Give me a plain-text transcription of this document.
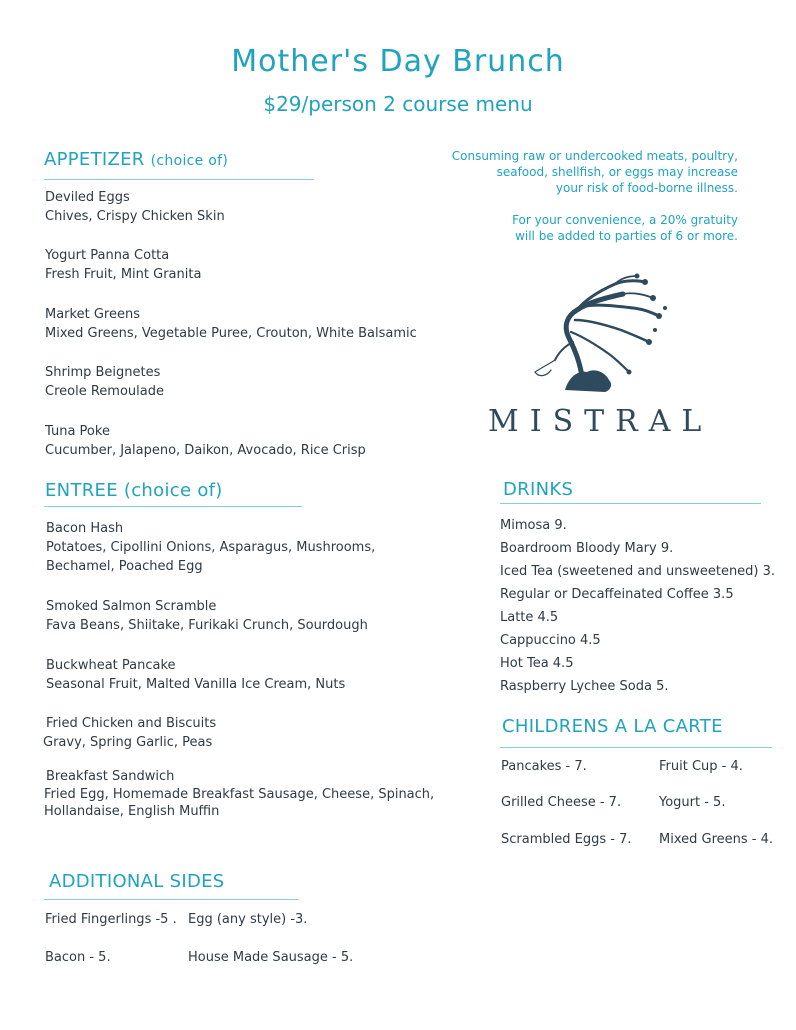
Mother's Day Brunch
$29/person 2 course menu
APPETIZER (choice of)
Deviled Eggs
Chives, Crispy Chicken Skin
Yogurt Panna Cotta
Fresh Fruit, Mint Granita
Market Greens
Mixed Greens, Vegetable Puree, Crouton, White Balsamic
Shrimp Beignetes
Creole Remoulade
Tuna Poke
Cucumber, Jalapeno, Daikon, Avocado, Rice Crisp
ENTREE (choice of)
Bacon Hash
Potatoes, Cipollini Onions, Asparagus, Mushrooms,
Bechamel, Poached Egg
Smoked Salmon Scramble
Fava Beans, Shiitake, Furikaki Crunch, Sourdough
Buckwheat Pancake
Seasonal Fruit, Malted Vanilla Ice Cream, Nuts
Fried Chicken and Biscuits
Gravy, Spring Garlic, Peas
Breakfast Sandwich
Fried Egg, Homemade Breakfast Sausage, Cheese, Spinach,
Hollandaise, English Muffin
ADDITIONAL SIDES
Fried Fingerlings -5 . Egg (any style) -3.
Bacon - 5.	House Made Sausage - 5.

Consuming raw or undercooked meats, poultry,
seafood, shellfish, or eggs may increase
your risk of food-borne illness.

For your convenience, a 20% gratuity
will be added to parties of 6 or more.

MISTRAL
DRINKS
Mimosa 9.
Boardroom Bloody Mary 9.
Iced Tea (sweetened and unsweetened) 3.
Regular or Decaffeinated Coffee 3.5
Latte 4.5
Cappuccino 4.5
Hot Tea 4.5
Raspberry Lychee Soda 5.
CHILDRENS A LA CARTE
Pancakes - 7.	Fruit Cup - 4.
Grilled Cheese - 7.	Yogurt - 5.
Scrambled Eggs - 7. Mixed Greens - 4.
